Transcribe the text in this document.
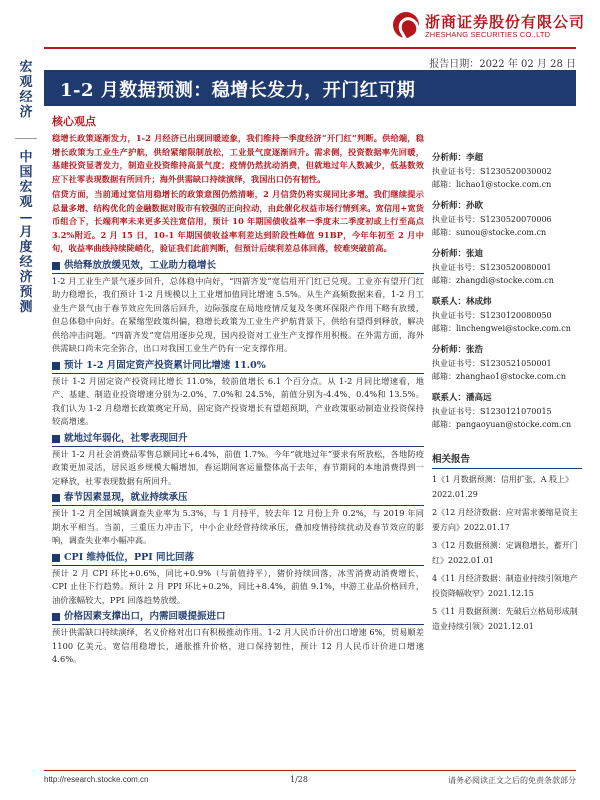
浙商证券股份有限公司
ZHESHANG SECURITIES CO.,LTD
宏观经济
中国宏观—月度经济预测
报告日期：2022 年 02 月 28 日
1-2 月数据预测：稳增长发力，开门红可期
核心观点

稳增长政策逐渐发力，1-2 月经济已出现回暖迹象，我们维持一季度经济“开门红”判断。供给端，稳增长政策为工业生产护航，供给紧缩限制放松，工业景气度逐渐回升。需求侧，投资数据率先回暖，基建投资显著发力，制造业投资维持高景气度；疫情仍然扰动消费，但就地过年人数减少，低基数效应下社零表现数据有所回升；海外供需缺口持续演绎，我国出口仍有韧性。

信贷方面，当前通过宽信用稳增长的政策意图仍然清晰，2 月信贷仍将实现同比多增。我们继续提示总量多增、结构优化的金融数据对股市有较强的正向拉动，由此催化权益市场行情到来。宽信用+宽货币组合下，长端利率未来更多关注宽信用，预计 10 年期国债收益率一季度末二季度初或上行至高点 3.2%附近。2 月 15 日，10-1 年期国债收益率利差达到阶段性峰值 91BP，今年年初至 2 月中旬，收益率曲线持续陡峭化，验证我们此前判断，但预计后续利差总体回落，较难突破前高。

供给释放放缓见效，工业助力稳增长

1-2 月工业生产景气逐步回升，总体稳中向好，“四箭齐发”宽信用开门红已兑现。工业亦有望开门红助力稳增长，我们预计 1-2 月规模以上工业增加值同比增速 5.5%。从生产高频数据来看，1-2 月工业生产景气由于春节效应先回落后回升，边际强度在局地疫情反复及冬奥环保限产作用下略有放缓，但总体稳中向好。在紧缩型政策纠偏，稳增长政策为工业生产护航背景下，供给有望得到释放，解决供给冲击问题。“四箭齐发”宽信用逐步兑现，国内投资对工业生产支撑作用积极。在外需方面，海外供需缺口尚未完全弥合，出口对我国工业生产仍有一定支撑作用。

预计 1-2 月固定资产投资累计同比增速 11.0%

预计 1-2 月固定资产投资同比增长 11.0%，较前值增长 6.1 个百分点。从 1-2 月同比增速看，地产、基建、制造业投资增速分别为-2.0%、7.0%和 24.5%，前值分别为-4.4%、0.4%和 13.5%。我们认为 1-2 月稳增长政策奠定开局，固定资产投资增长有望超预期，产业政策驱动制造业投资保持较高增速。

就地过年弱化，社零表现回升

预计 1-2 月社会消费品零售总额同比+6.4%，前值 1.7%。今年“就地过年”要求有所放松，各地防疫政策更加灵活，居民返乡规模大幅增加，春运期间客运量整体高于去年，春节期间的本地消费得到一定释放，社零表现数据有所回升。

春节因素显现，就业持续承压

预计 1-2 月全国城镇调查失业率为 5.3%，与 1 月持平，较去年 12 月份上升 0.2%，与 2019 年同期水平相当。当前，三重压力冲击下，中小企业经营持续承压，叠加疫情持续扰动及春节效应的影响，调查失业率小幅冲高。

CPI 维持低位，PPI 同比回落

预计 2 月 CPI 环比+0.6%，同比+0.9%（与前值持平），猪价持续回落，冰雪消费动消费增长，CPI 止住下行趋势。预计 2 月 PPI 环比+0.2%，同比+8.4%，前值 9.1%，中游工业品价格回升，油价涨幅较大，PPI 回落趋势放缓。

价格因素支撑出口，内需回暖提振进口

预计供需缺口持续演绎，名义价格对出口有积极推动作用。1-2 月人民币计价出口增速 6%，贸易顺差 1100 亿美元。宽信用稳增长，通胀推升价格，进口保持韧性，预计 12 月人民币计价进口增速 4.6%。

分析师：李超
执业证书号：S1230520030002
邮箱：lichao1@stocke.com.cn
分析师：孙欧
执业证书号：S1230520070006
邮箱：sunou@stocke.com.cn
分析师：张迪
执业证书号：S1230520080001
邮箱：zhangdi@stocke.com.cn
联系人：林成炜
执业证书号：S1230120080050
邮箱：linchengwei@stocke.com.cn
分析师：张浩
执业证书号：S1230521050001
邮箱：zhanghao1@stocke.com.cn
联系人：潘高远
执业证书号：S1230121070015
邮箱：pangaoyuan@stocke.com.cn
相关报告
1《1 月数据预测：信用扩张，A 股上》2022.01.29
2《12 月经济数据：应对需求萎缩是资主要方向》2022.01.17
3《12 月数据预测：定调稳增长，蓄开门红》2022.01.01
4《11 月经济数据：制造业持续引领地产投资降幅收窄》2021.12.15
5《11 月数据预测：先破后立格局形成制造业持续引领》2021.12.01
http://research.stocke.com.cn	1/28	请务必阅读正文之后的免责条款部分
